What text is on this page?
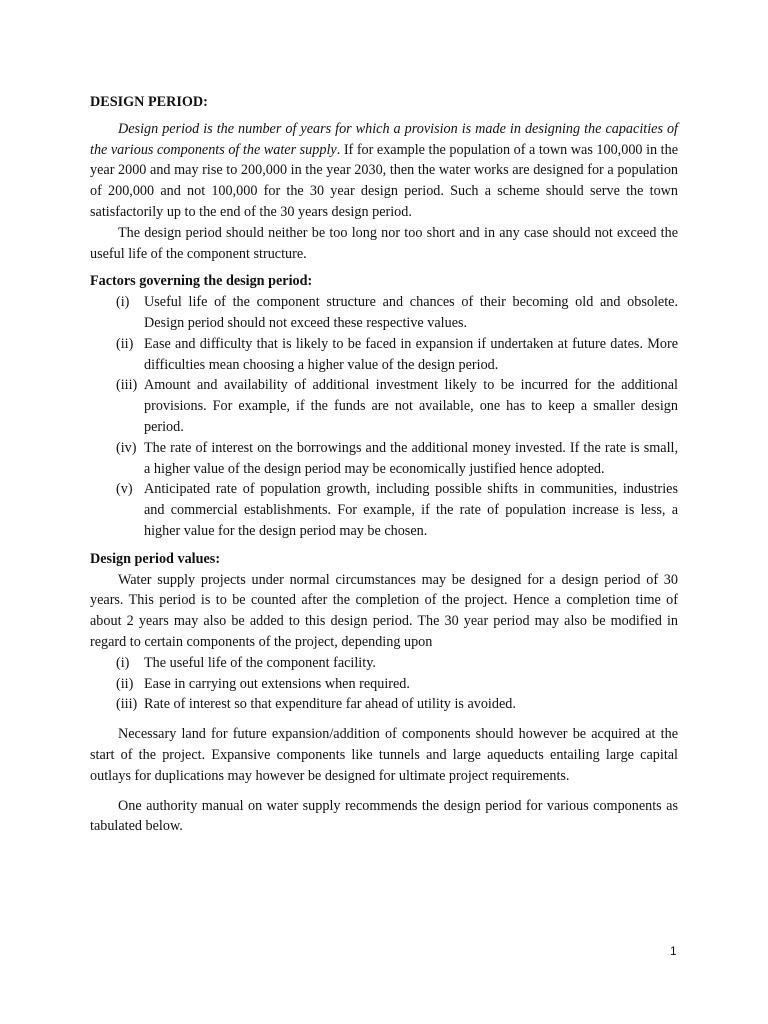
DESIGN PERIOD:

Design period is the number of years for which a provision is made in designing the capacities of the various components of the water supply. If for example the population of a town was 100,000 in the year 2000 and may rise to 200,000 in the year 2030, then the water works are designed for a population of 200,000 and not 100,000 for the 30 year design period. Such a scheme should serve the town satisfactorily up to the end of the 30 years design period.

The design period should neither be too long nor too short and in any case should not exceed the useful life of the component structure.

Factors governing the design period:
(i) Useful life of the component structure and chances of their becoming old and obsolete. Design period should not exceed these respective values.
(ii) Ease and difficulty that is likely to be faced in expansion if undertaken at future dates. More difficulties mean choosing a higher value of the design period.
(iii) Amount and availability of additional investment likely to be incurred for the additional provisions. For example, if the funds are not available, one has to keep a smaller design period.
(iv) The rate of interest on the borrowings and the additional money invested. If the rate is small, a higher value of the design period may be economically justified hence adopted.
(v) Anticipated rate of population growth, including possible shifts in communities, industries and commercial establishments. For example, if the rate of population increase is less, a higher value for the design period may be chosen.
Design period values:

Water supply projects under normal circumstances may be designed for a design period of 30 years. This period is to be counted after the completion of the project. Hence a completion time of about 2 years may also be added to this design period. The 30 year period may also be modified in regard to certain components of the project, depending upon

(i) The useful life of the component facility.
(ii) Ease in carrying out extensions when required.
(iii) Rate of interest so that expenditure far ahead of utility is avoided.

Necessary land for future expansion/addition of components should however be acquired at the start of the project. Expansive components like tunnels and large aqueducts entailing large capital outlays for duplications may however be designed for ultimate project requirements.

One authority manual on water supply recommends the design period for various components as tabulated below.

1
